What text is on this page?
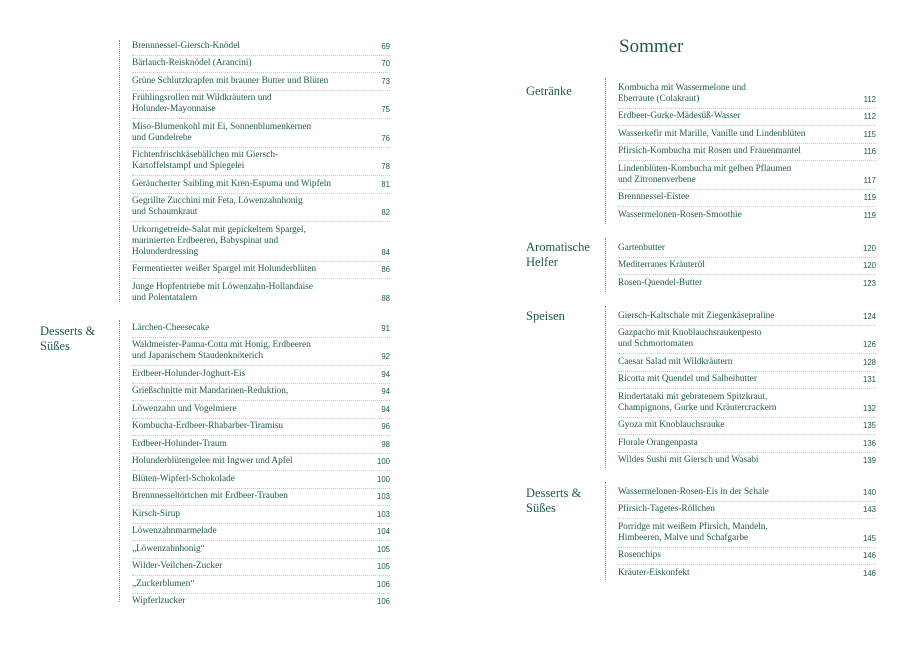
Brennnessel-Giersch-Knödel	69
Bärlauch-Reisknödel (Arancini)	70
Grüne Schlutzkrapfen mit brauner Butter und Blüten	73
Frühlingsrollen mit Wildkräutern und
Holunder-Mayonnaise	75
Miso-Blumenkohl mit Ei, Sonnenblumenkernen
und Gundelrebe	76
Fichtenfrischkäsebällchen mit Giersch-
Kartoffelstampf und Spiegelei	78
Geräucherter Saibling mit Kren-Espuma und Wipfeln	81
Gegrillte Zucchini mit Feta, Löwenzahnhonig
und Schaumkraut	82
Urkorngetreide-Salat mit gepickeltem Spargel,
marinierten Erdbeeren, Babyspinat und
Holunderdressing	84
Fermentierter weißer Spargel mit Holunderblüten	86
Junge Hopfentriebe mit Löwenzahn-Hollandaise
und Polentatalern	88
Desserts &
Süßes
Lärchen-Cheesecake	91
Waldmeister-Panna-Cotta mit Honig, Erdbeeren
und Japanischem Staudenknöterich	92
Erdbeer-Holunder-Joghurt-Eis	94
Grießschnitte mit Mandarinen-Reduktion,	94
Löwenzahn und Vogelmiere	94
Kombucha-Erdbeer-Rhabarber-Tiramisu	96
Erdbeer-Holunder-Traum	98
Holunderblütengelee mit Ingwer und Apfel	100
Blüten-Wipferl-Schokolade	100
Brennnesseltörtchen mit Erdbeer-Trauben	103
Kirsch-Sirup	103
Löwenzahnmarmelade	104
„Löwenzahnhonig“	105
Wilder-Veilchen-Zucker	105
„Zuckerblumen“	106
Wipferlzucker	106
Sommer
Getränke	Kombucha mit Wassermelone und
Eberraute (Colakraut)	112
Erdbeer-Gurke-Mädesüß-Wasser	112
Wasserkefir mit Marille, Vanille und Lindenblüten	115
Pfirsich-Kombucha mit Rosen und Frauenmantel	116
Lindenblüten-Kombucha mit gelben Pflaumen
und Zitronenverbene	117
Brennnessel-Eistee	119
Wassermelonen-Rosen-Smoothie	119
Aromatische
Helfer
Gartenbutter	120
Mediterranes Kräuteröl	120
Rosen-Quendel-Butter	123
Speisen	Giersch-Kaltschale mit Ziegenkäsepraline	124
Gazpacho mit Knoblauchsraukenpesto
und Schmortomaten	126
Caesar Salad mit Wildkräutern	128
Ricotta mit Quendel und Salbeibutter	131
Rindertataki mit gebratenem Spitzkraut,
Champignons, Gurke und Kräutercrackern	132
Gyoza mit Knoblauchsrauke	135
Florale Orangenpasta	136
Wildes Sushi mit Giersch und Wasabi	139
Desserts &
Süßes
Wassermelonen-Rosen-Eis in der Schale	140
Pfirsich-Tagetes-Röllchen	143
Porridge mit weißem Pfirsich, Mandeln,
Himbeeren, Malve und Schafgarbe	145
Rosenchips	146
Kräuter-Eiskonfekt	146
